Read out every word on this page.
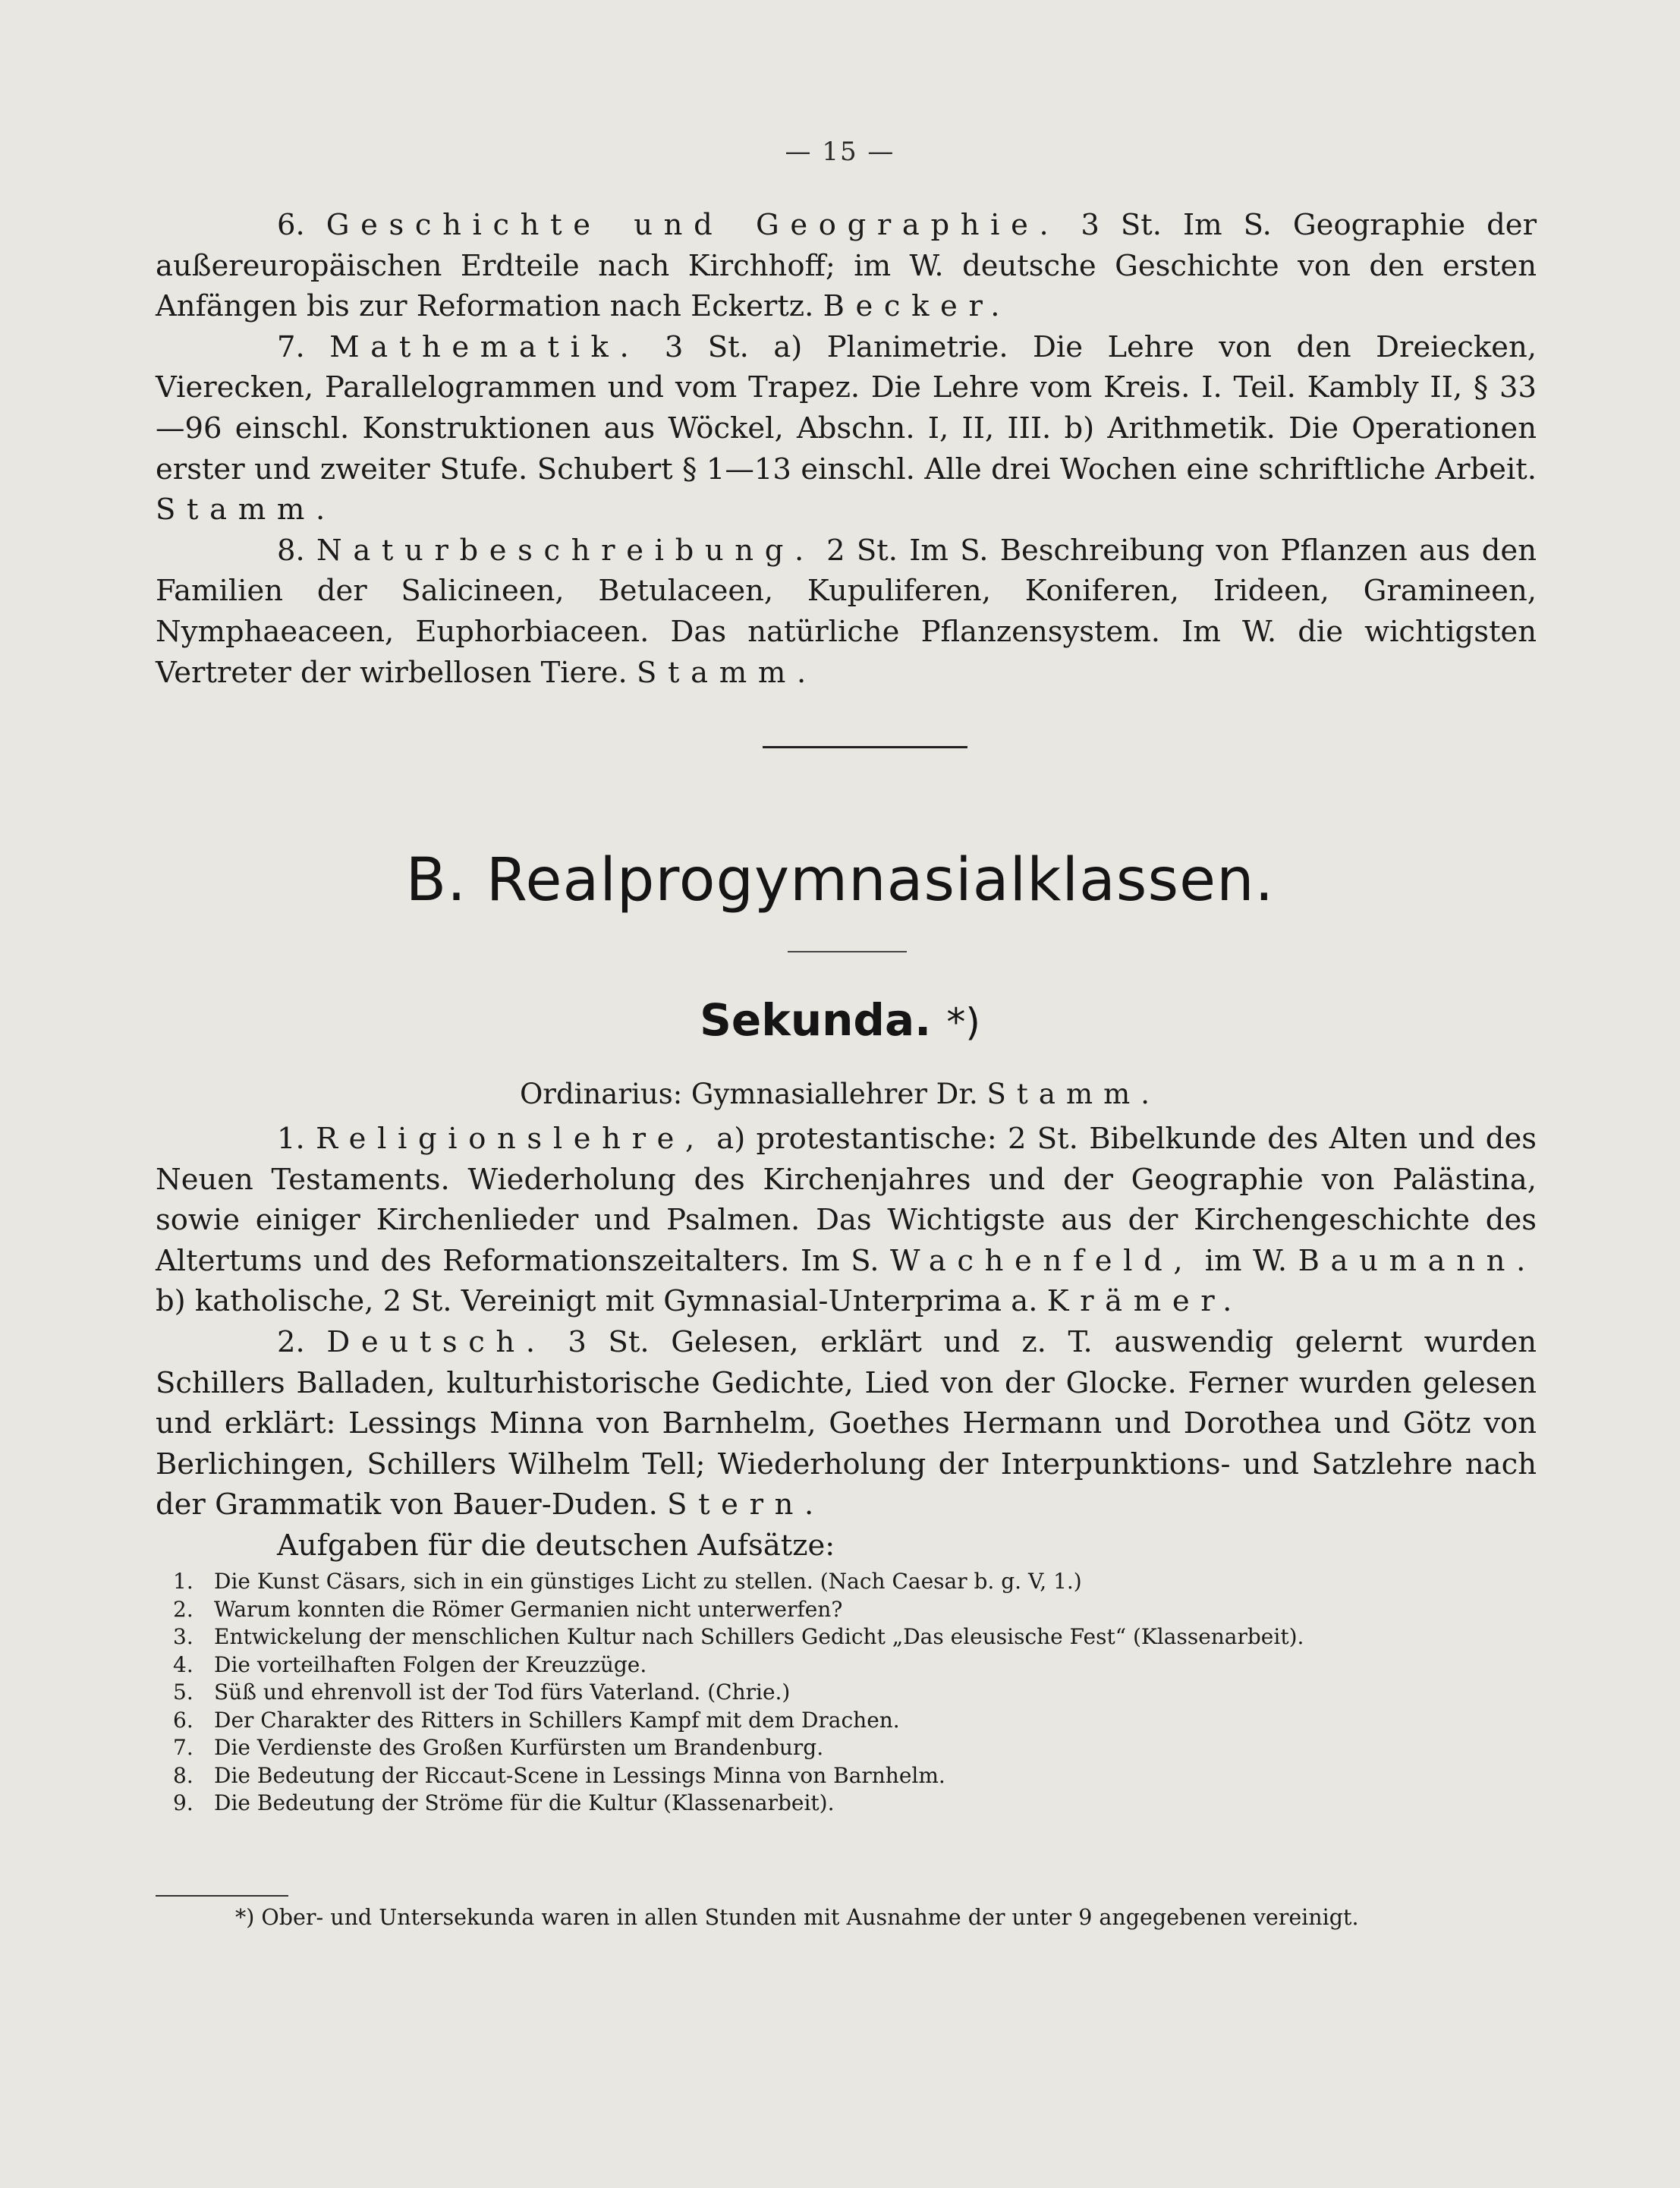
— 15 —

6. Geschichte und Geographie. 3 St. Im S. Geographie der außereuropäischen Erdteile nach Kirchhoff; im W. deutsche Geschichte von den ersten Anfängen bis zur Reformation nach Eckertz. Becker.

7. Mathematik. 3 St. a) Planimetrie. Die Lehre von den Dreiecken, Vierecken, Parallelogrammen und vom Trapez. Die Lehre vom Kreis. I. Teil. Kambly II, § 33—96 einschl. Konstruktionen aus Wöckel, Abschn. I, II, III. b) Arithmetik. Die Operationen erster und zweiter Stufe. Schubert § 1—13 einschl. Alle drei Wochen eine schriftliche Arbeit. Stamm.

8. Naturbeschreibung. 2 St. Im S. Beschreibung von Pflanzen aus den Familien der Salicineen, Betulaceen, Kupuliferen, Koniferen, Irideen, Gramineen, Nymphaeaceen, Euphorbiaceen. Das natürliche Pflanzensystem. Im W. die wichtigsten Vertreter der wirbellosen Tiere. Stamm.

B. Realprogymnasialklassen.
Sekunda. *)
Ordinarius: Gymnasiallehrer Dr. Stamm.

1. Religionslehre, a) protestantische: 2 St. Bibelkunde des Alten und des Neuen Testaments. Wiederholung des Kirchenjahres und der Geographie von Palästina, sowie einiger Kirchenlieder und Psalmen. Das Wichtigste aus der Kirchengeschichte des Altertums und des Reformationszeitalters. Im S. Wachenfeld, im W. Baumann. b) katholische, 2 St. Vereinigt mit Gymnasial-Unterprima a. Krämer.

2. Deutsch. 3 St. Gelesen, erklärt und z. T. auswendig gelernt wurden Schillers Balladen, kulturhistorische Gedichte, Lied von der Glocke. Ferner wurden gelesen und erklärt: Lessings Minna von Barnhelm, Goethes Hermann und Dorothea und Götz von Berlichingen, Schillers Wilhelm Tell; Wiederholung der Interpunktions- und Satzlehre nach der Grammatik von Bauer-Duden. Stern.

Aufgaben für die deutschen Aufsätze:

1. Die Kunst Cäsars, sich in ein günstiges Licht zu stellen. (Nach Caesar b. g. V, 1.)
2. Warum konnten die Römer Germanien nicht unterwerfen?
3. Entwickelung der menschlichen Kultur nach Schillers Gedicht „Das eleusische Fest“ (Klassenarbeit).
4. Die vorteilhaften Folgen der Kreuzzüge.
5. Süß und ehrenvoll ist der Tod fürs Vaterland. (Chrie.)
6. Der Charakter des Ritters in Schillers Kampf mit dem Drachen.
7. Die Verdienste des Großen Kurfürsten um Brandenburg.
8. Die Bedeutung der Riccaut-Scene in Lessings Minna von Barnhelm.
9. Die Bedeutung der Ströme für die Kultur (Klassenarbeit).
*) Ober- und Untersekunda waren in allen Stunden mit Ausnahme der unter 9 angegebenen vereinigt.
